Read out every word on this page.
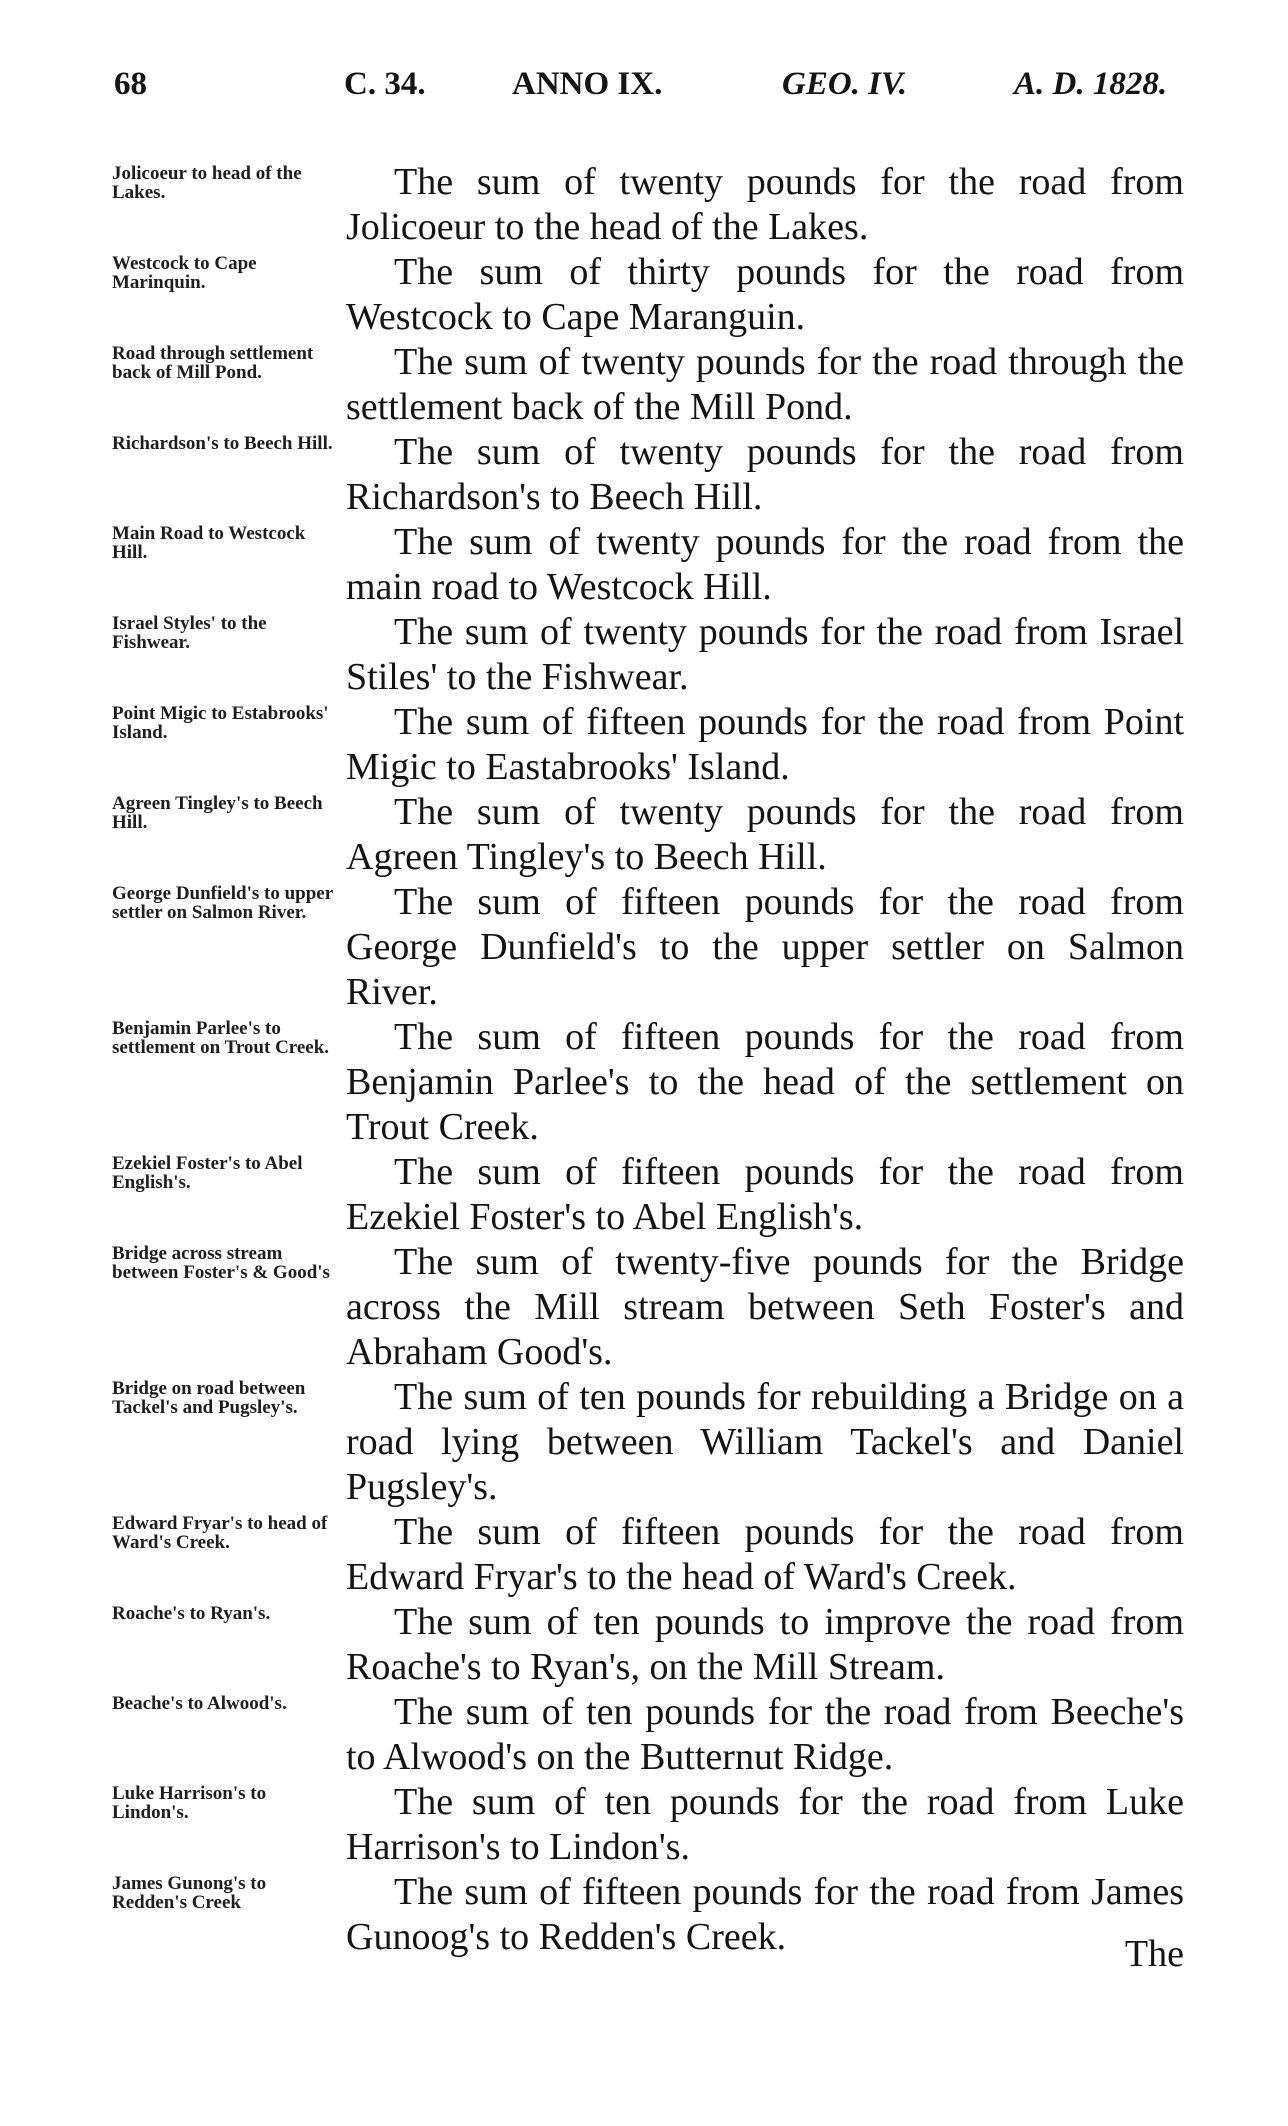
68	C. 34.	ANNO IX.	GEO. IV.	A. D. 1828.
Jolicoeur to head of the Lakes.	The sum of twenty pounds for the road from Jolicoeur to the head of the Lakes.
Westcock to Cape Marinquin.	The sum of thirty pounds for the road from Westcock to Cape Maranguin.
Road through settlement back of Mill Pond.	The sum of twenty pounds for the road through the settlement back of the Mill Pond.
Richardson's to Beech Hill.	The sum of twenty pounds for the road from Richardson's to Beech Hill.
Main Road to Westcock Hill.	The sum of twenty pounds for the road from the main road to Westcock Hill.
Israel Styles' to the Fishwear.	The sum of twenty pounds for the road from Israel Stiles' to the Fishwear.
Point Migic to Estabrooks' Island.	The sum of fifteen pounds for the road from Point Migic to Eastabrooks' Island.
Agreen Tingley's to Beech Hill.	The sum of twenty pounds for the road from Agreen Tingley's to Beech Hill.
George Dunfield's to upper settler on Salmon River.	The sum of fifteen pounds for the road from George Dunfield's to the upper settler on Salmon River.
Benjamin Parlee's to settlement on Trout Creek.	The sum of fifteen pounds for the road from Benjamin Parlee's to the head of the settlement on Trout Creek.
Ezekiel Foster's to Abel English's.	The sum of fifteen pounds for the road from Ezekiel Foster's to Abel English's.
Bridge across stream between Foster's & Good's	The sum of twenty-five pounds for the Bridge across the Mill stream between Seth Foster's and Abraham Good's.
Bridge on road between Tackel's and Pugsley's.	The sum of ten pounds for rebuilding a Bridge on a road lying between William Tackel's and Daniel Pugsley's.
Edward Fryar's to head of Ward's Creek.	The sum of fifteen pounds for the road from Edward Fryar's to the head of Ward's Creek.
Roache's to Ryan's.	The sum of ten pounds to improve the road from Roache's to Ryan's, on the Mill Stream.
Beache's to Alwood's.	The sum of ten pounds for the road from Beeche's to Alwood's on the Butternut Ridge.
Luke Harrison's to Lindon's.	The sum of ten pounds for the road from Luke Harrison's to Lindon's.
James Gunong's to Redden's Creek	The sum of fifteen pounds for the road from James Gunoog's to Redden's Creek.	The
